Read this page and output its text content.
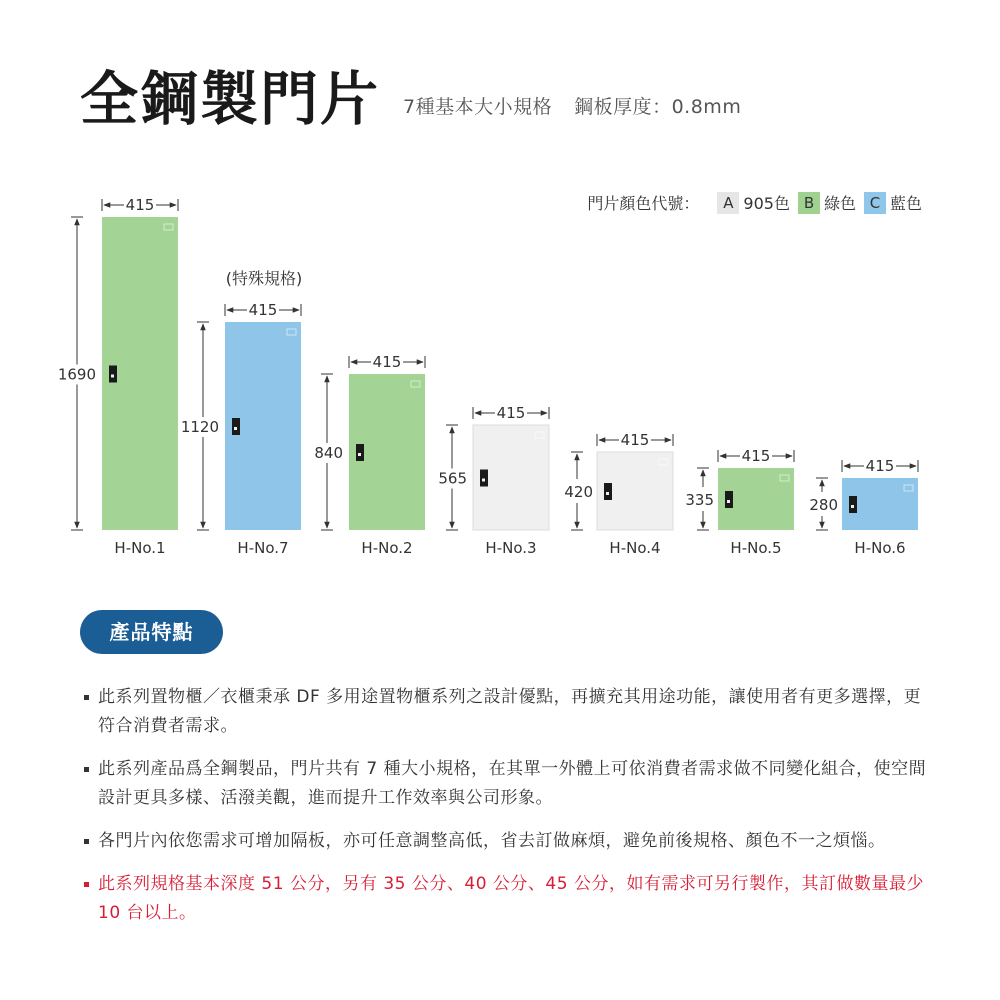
全鋼製門片 7種基本大小規格 鋼板厚度：0.8mm
門片顏色代號：	A 905色 B 綠色 C 藍色
(特殊規格)
415
1690
H-No.1
415
1120
H-No.7
415
840
H-No.2
415
565
H-No.3
415
420
H-No.4
415
335
H-No.5
415
280
H-No.6
產品特點
此系列置物櫃／衣櫃秉承 DF 多用途置物櫃系列之設計優點，再擴充其用途功能，讓使用者有更多選擇，更符合消費者需求。
此系列產品爲全鋼製品，門片共有 7 種大小規格，在其單一外體上可依消費者需求做不同變化組合，使空間設計更具多樣、活潑美觀，進而提升工作效率與公司形象。
各門片內依您需求可增加隔板，亦可任意調整高低，省去訂做麻煩，避免前後規格、顏色不一之煩惱。
此系列規格基本深度 51 公分，另有 35 公分、40 公分、45 公分，如有需求可另行製作，其訂做數量最少 10 台以上。
